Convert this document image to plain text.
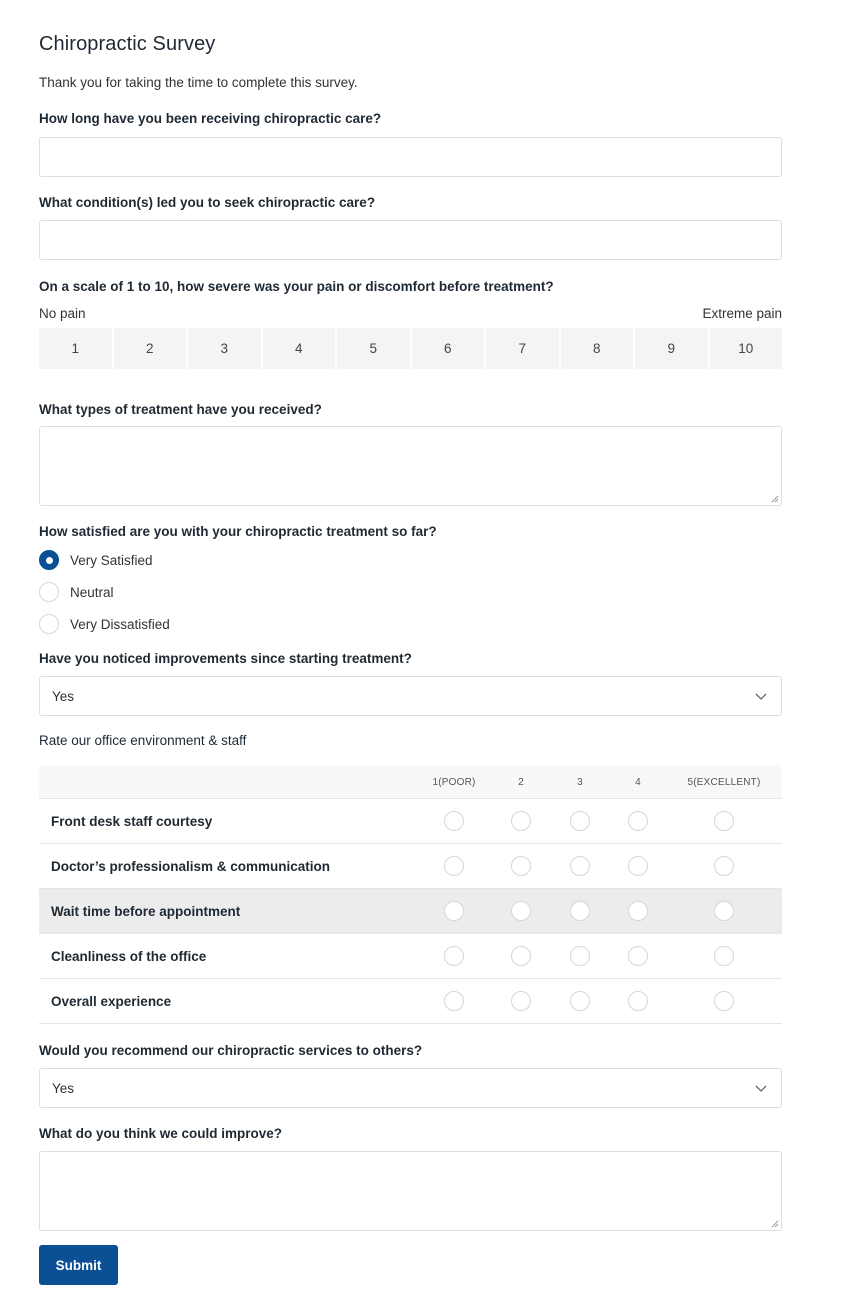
Chiropractic Survey
Thank you for taking the time to complete this survey.
How long have you been receiving chiropractic care?
What condition(s) led you to seek chiropractic care?
On a scale of 1 to 10, how severe was your pain or discomfort before treatment?
No pain	Extreme pain
1	2	3	4	5	6	7	8	9	10
What types of treatment have you received?
How satisfied are you with your chiropractic treatment so far?
Very Satisfied
Neutral
Very Dissatisfied
Have you noticed improvements since starting treatment?
Yes
Rate our office environment & staff
1(POOR)	2	3	4	5(EXCELLENT)
Front desk staff courtesy
Doctor’s professionalism & communication
Wait time before appointment
Cleanliness of the office
Overall experience
Would you recommend our chiropractic services to others?
Yes
What do you think we could improve?
Submit
